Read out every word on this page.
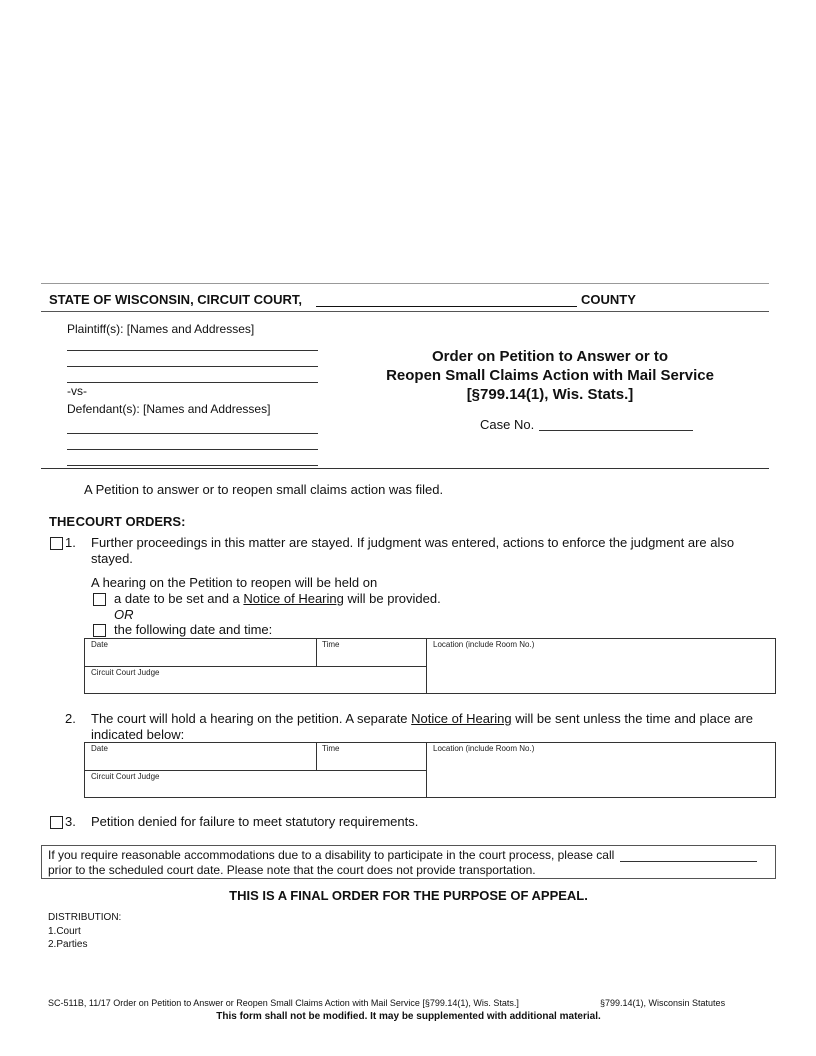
STATE OF WISCONSIN, CIRCUIT COURT,	COUNTY
Plaintiff(s): [Names and Addresses]
-vs-
Defendant(s): [Names and Addresses]
Order on Petition to Answer or to
Reopen Small Claims Action with Mail Service
[§799.14(1), Wis. Stats.]
Case No.
A Petition to answer or to reopen small claims action was filed.
THE COURT ORDERS:
1. Further proceedings in this matter are stayed. If judgment was entered, actions to enforce the judgment are also stayed.
A hearing on the Petition to reopen will be held on
a date to be set and a Notice of Hearing will be provided.
OR
the following date and time:
Date	Time	Location (include Room No.)
Circuit Court Judge
2. The court will hold a hearing on the petition. A separate Notice of Hearing will be sent unless the time and place are indicated below:
Date	Time	Location (include Room No.)
Circuit Court Judge
3. Petition denied for failure to meet statutory requirements.
If you require reasonable accommodations due to a disability to participate in the court process, please call
prior to the scheduled court date. Please note that the court does not provide transportation.
THIS IS A FINAL ORDER FOR THE PURPOSE OF APPEAL.
DISTRIBUTION:
1.Court
2.Parties
SC-511B, 11/17 Order on Petition to Answer or Reopen Small Claims Action with Mail Service [§799.14(1), Wis. Stats.]	§799.14(1), Wisconsin Statutes
This form shall not be modified. It may be supplemented with additional material.
